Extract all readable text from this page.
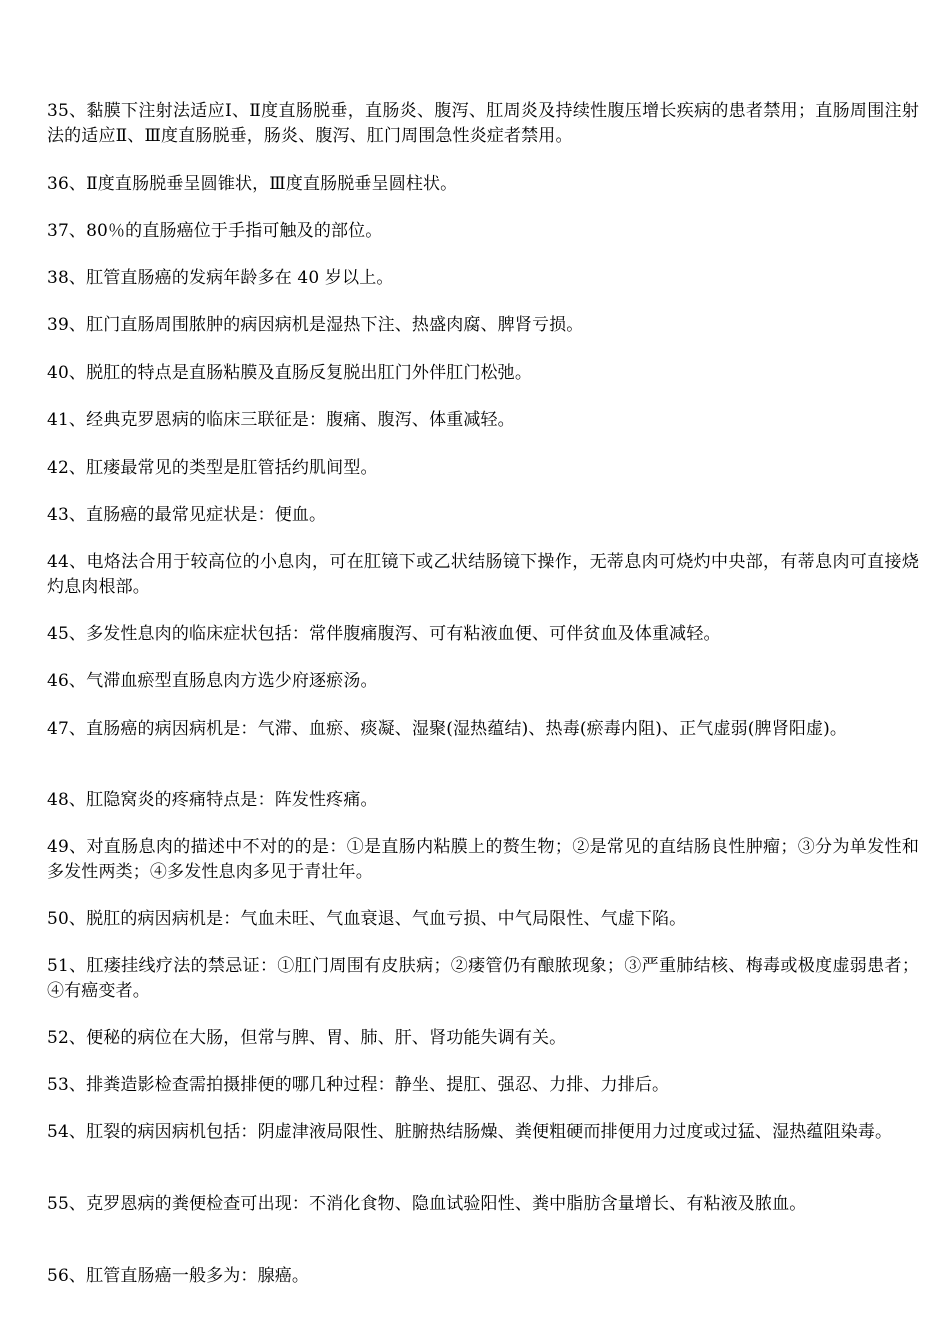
35、黏膜下注射法适应Ⅰ、Ⅱ度直肠脱垂，直肠炎、腹泻、肛周炎及持续性腹压增长疾病的患者禁用；直肠周围注射法的适应Ⅱ、Ⅲ度直肠脱垂，肠炎、腹泻、肛门周围急性炎症者禁用。

36、Ⅱ度直肠脱垂呈圆锥状，Ⅲ度直肠脱垂呈圆柱状。

37、80％的直肠癌位于手指可触及的部位。

38、肛管直肠癌的发病年龄多在 40 岁以上。

39、肛门直肠周围脓肿的病因病机是湿热下注、热盛肉腐、脾肾亏损。

40、脱肛的特点是直肠粘膜及直肠反复脱出肛门外伴肛门松弛。

41、经典克罗恩病的临床三联征是：腹痛、腹泻、体重减轻。

42、肛瘘最常见的类型是肛管括约肌间型。

43、直肠癌的最常见症状是：便血。

44、电烙法合用于较高位的小息肉，可在肛镜下或乙状结肠镜下操作，无蒂息肉可烧灼中央部，有蒂息肉可直接烧灼息肉根部。

45、多发性息肉的临床症状包括：常伴腹痛腹泻、可有粘液血便、可伴贫血及体重减轻。

46、气滞血瘀型直肠息肉方选少府逐瘀汤。

47、直肠癌的病因病机是：气滞、血瘀、痰凝、湿聚(湿热蕴结)、热毒(瘀毒内阻)、正气虚弱(脾肾阳虚)。

48、肛隐窝炎的疼痛特点是：阵发性疼痛。

49、对直肠息肉的描述中不对的的是：①是直肠内粘膜上的赘生物；②是常见的直结肠良性肿瘤；③分为单发性和多发性两类；④多发性息肉多见于青壮年。

50、脱肛的病因病机是：气血未旺、气血衰退、气血亏损、中气局限性、气虚下陷。

51、肛瘘挂线疗法的禁忌证：①肛门周围有皮肤病；②瘘管仍有酿脓现象；③严重肺结核、梅毒或极度虚弱患者；④有癌变者。

52、便秘的病位在大肠，但常与脾、胃、肺、肝、肾功能失调有关。

53、排粪造影检查需拍摄排便的哪几种过程：静坐、提肛、强忍、力排、力排后。

54、肛裂的病因病机包括：阴虚津液局限性、脏腑热结肠燥、粪便粗硬而排便用力过度或过猛、湿热蕴阻染毒。

55、克罗恩病的粪便检查可出现：不消化食物、隐血试验阳性、粪中脂肪含量增长、有粘液及脓血。

56、肛管直肠癌一般多为：腺癌。
